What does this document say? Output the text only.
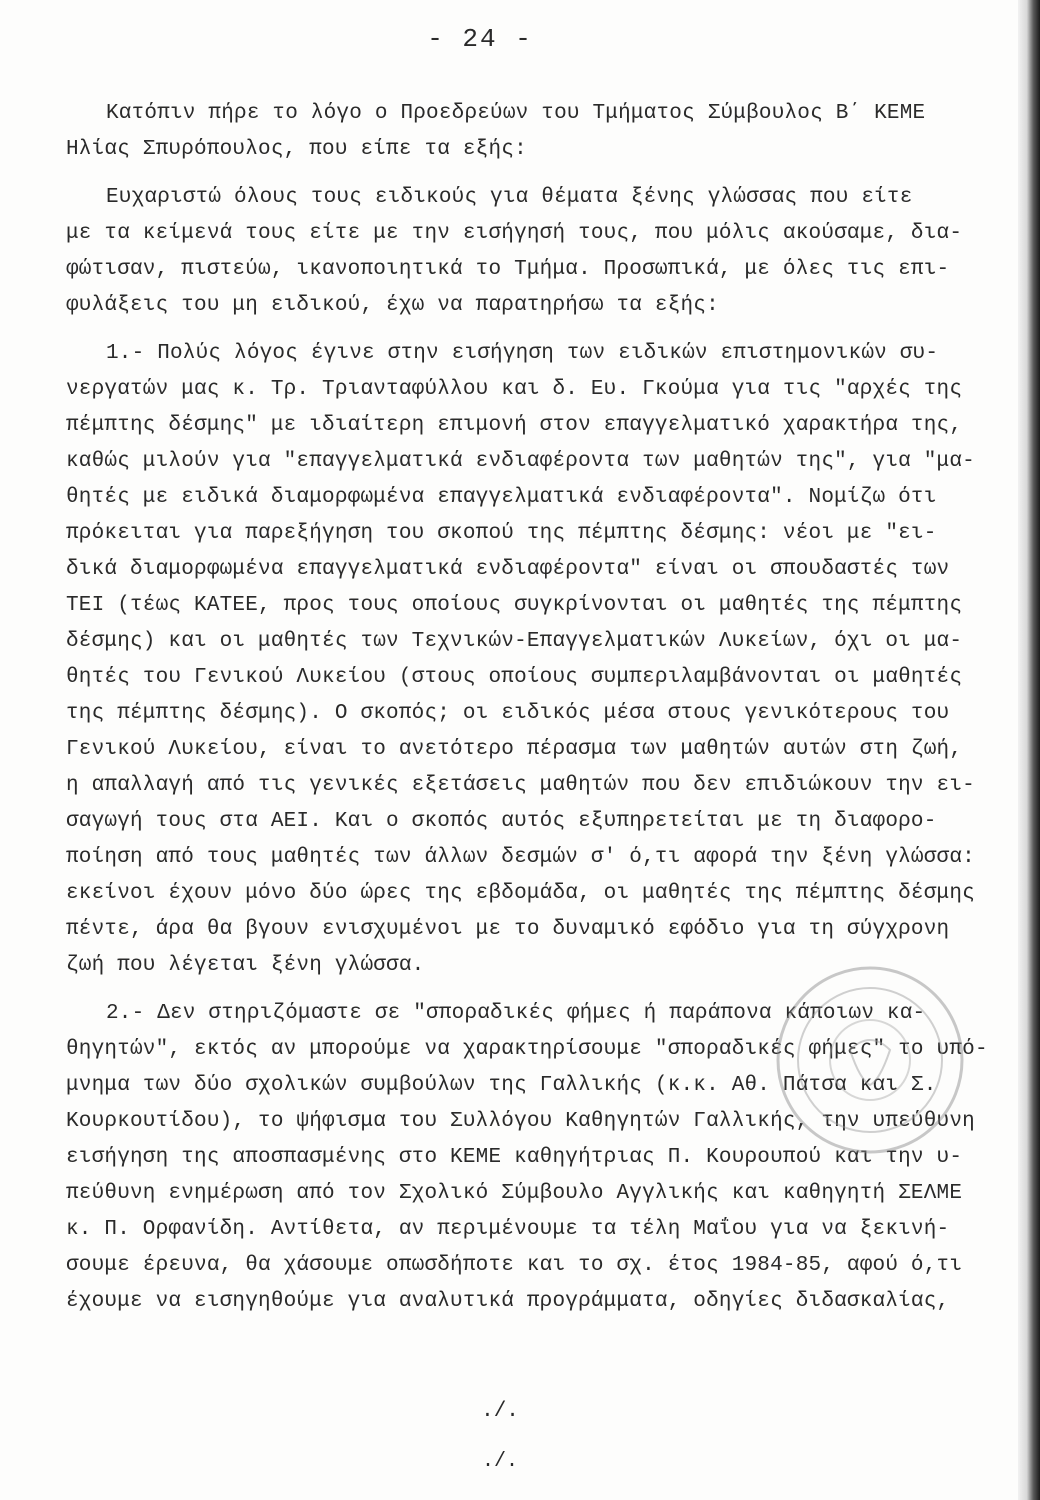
- 24 -
Κατόπιν πήρε το λόγο ο Προεδρεύων του Τμήματος Σύμβουλος Β΄ ΚΕΜΕ
Ηλίας Σπυρόπουλος, που είπε τα εξής:
Ευχαριστώ όλους τους ειδικούς για θέματα ξένης γλώσσας που είτε
με τα κείμενά τους είτε με την εισήγησή τους, που μόλις ακούσαμε, δια-
φώτισαν, πιστεύω, ικανοποιητικά το Τμήμα. Προσωπικά, με όλες τις επι-
φυλάξεις του μη ειδικού, έχω να παρατηρήσω τα εξής:
1.- Πολύς λόγος έγινε στην εισήγηση των ειδικών επιστημονικών συ-
νεργατών μας κ. Τρ. Τριανταφύλλου και δ. Ευ. Γκούμα για τις "αρχές της
πέμπτης δέσμης" με ιδιαίτερη επιμονή στον επαγγελματικό χαρακτήρα της,
καθώς μιλούν για "επαγγελματικά ενδιαφέροντα των μαθητών της", για "μα-
θητές με ειδικά διαμορφωμένα επαγγελματικά ενδιαφέροντα". Νομίζω ότι
πρόκειται για παρεξήγηση του σκοπού της πέμπτης δέσμης: νέοι με "ει-
δικά διαμορφωμένα επαγγελματικά ενδιαφέροντα" είναι οι σπουδαστές των
ΤΕΙ (τέως ΚΑΤΕΕ, προς τους οποίους συγκρίνονται οι μαθητές της πέμπτης
δέσμης) και οι μαθητές των Τεχνικών-Επαγγελματικών Λυκείων, όχι οι μα-
θητές του Γενικού Λυκείου (στους οποίους συμπεριλαμβάνονται οι μαθητές
της πέμπτης δέσμης). Ο σκοπός; οι ειδικός μέσα στους γενικότερους του
Γενικού Λυκείου, είναι το ανετότερο πέρασμα των μαθητών αυτών στη ζωή,
η απαλλαγή από τις γενικές εξετάσεις μαθητών που δεν επιδιώκουν την ει-
σαγωγή τους στα ΑΕΙ. Και ο σκοπός αυτός εξυπηρετείται με τη διαφορο-
ποίηση από τους μαθητές των άλλων δεσμών σ' ό,τι αφορά την ξένη γλώσσα:
εκείνοι έχουν μόνο δύο ώρες της εβδομάδα, οι μαθητές της πέμπτης δέσμης
πέντε, άρα θα βγουν ενισχυμένοι με το δυναμικό εφόδιο για τη σύγχρονη
ζωή που λέγεται ξένη γλώσσα.
2.- Δεν στηριζόμαστε σε "σποραδικές φήμες ή παράπονα κάποιων κα-
θηγητών", εκτός αν μπορούμε να χαρακτηρίσουμε "σποραδικές φήμες" το υπό-
μνημα των δύο σχολικών συμβούλων της Γαλλικής (κ.κ. Αθ. Πάτσα και Σ.
Κουρκουτίδου), το ψήφισμα του Συλλόγου Καθηγητών Γαλλικής, την υπεύθυνη
εισήγηση της αποσπασμένης στο ΚΕΜΕ καθηγήτριας Π. Κουρουπού και την υ-
πεύθυνη ενημέρωση από τον Σχολικό Σύμβουλο Αγγλικής και καθηγητή ΣΕΛΜΕ
κ. Π. Ορφανίδη. Αντίθετα, αν περιμένουμε τα τέλη Μαΐου για να ξεκινή-
σουμε έρευνα, θα χάσουμε οπωσδήποτε και το σχ. έτος 1984-85, αφού ό,τι
έχουμε να εισηγηθούμε για αναλυτικά προγράμματα, οδηγίες διδασκαλίας,
./.
./.
